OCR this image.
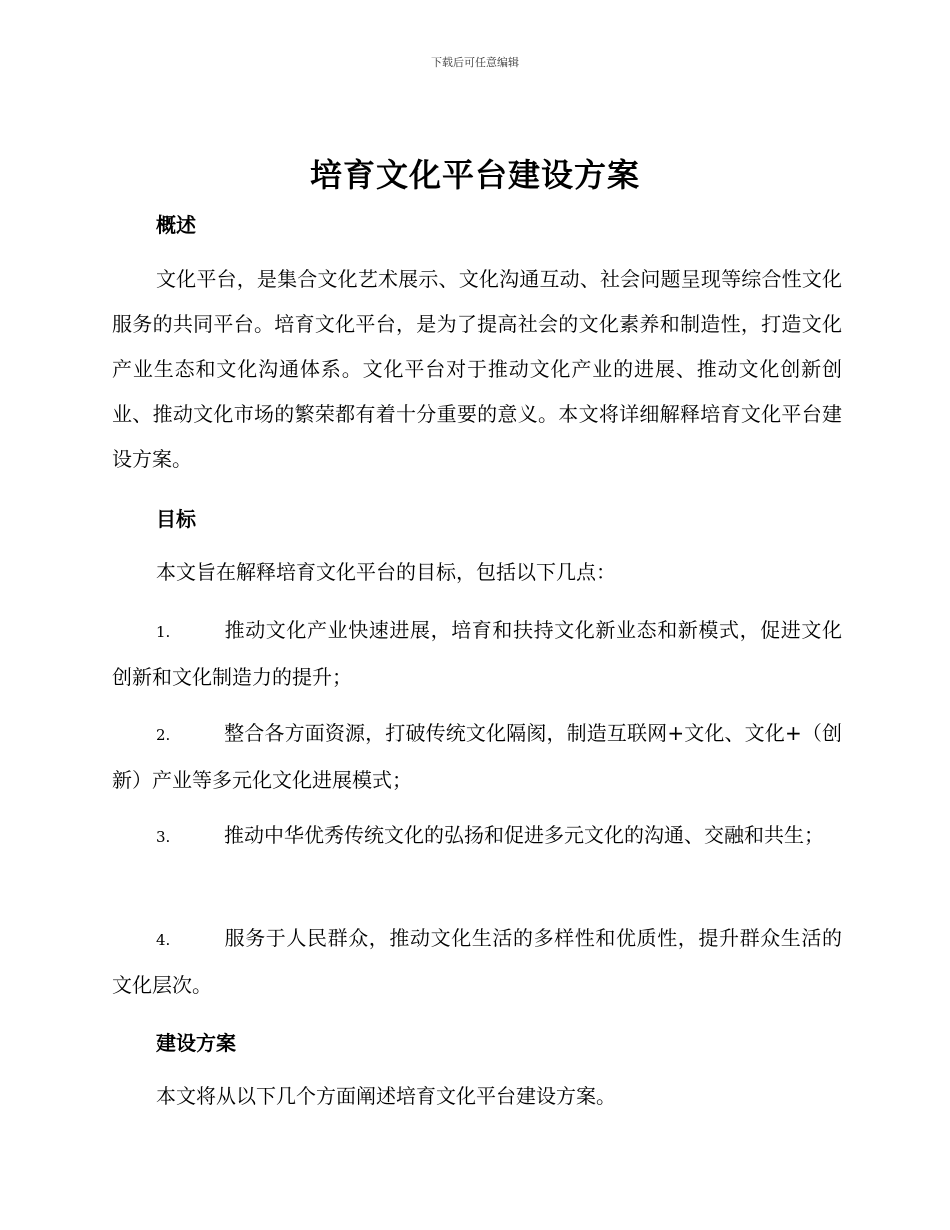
下载后可任意编辑
培育文化平台建设方案
概述

文化平台，是集合文化艺术展示、文化沟通互动、社会问题呈现等综合性文化服务的共同平台。培育文化平台，是为了提高社会的文化素养和制造性，打造文化产业生态和文化沟通体系。文化平台对于推动文化产业的进展、推动文化创新创业、推动文化市场的繁荣都有着十分重要的意义。本文将详细解释培育文化平台建设方案。

目标

本文旨在解释培育文化平台的目标，包括以下几点：

1.	推动文化产业快速进展，培育和扶持文化新业态和新模式，促进文化创新和文化制造力的提升；

2.	整合各方面资源，打破传统文化隔阂，制造互联网+文化、文化+（创新）产业等多元化文化进展模式；

3.	推动中华优秀传统文化的弘扬和促进多元文化的沟通、交融和共生；

4.	服务于人民群众，推动文化生活的多样性和优质性，提升群众生活的文化层次。

建设方案

本文将从以下几个方面阐述培育文化平台建设方案。
